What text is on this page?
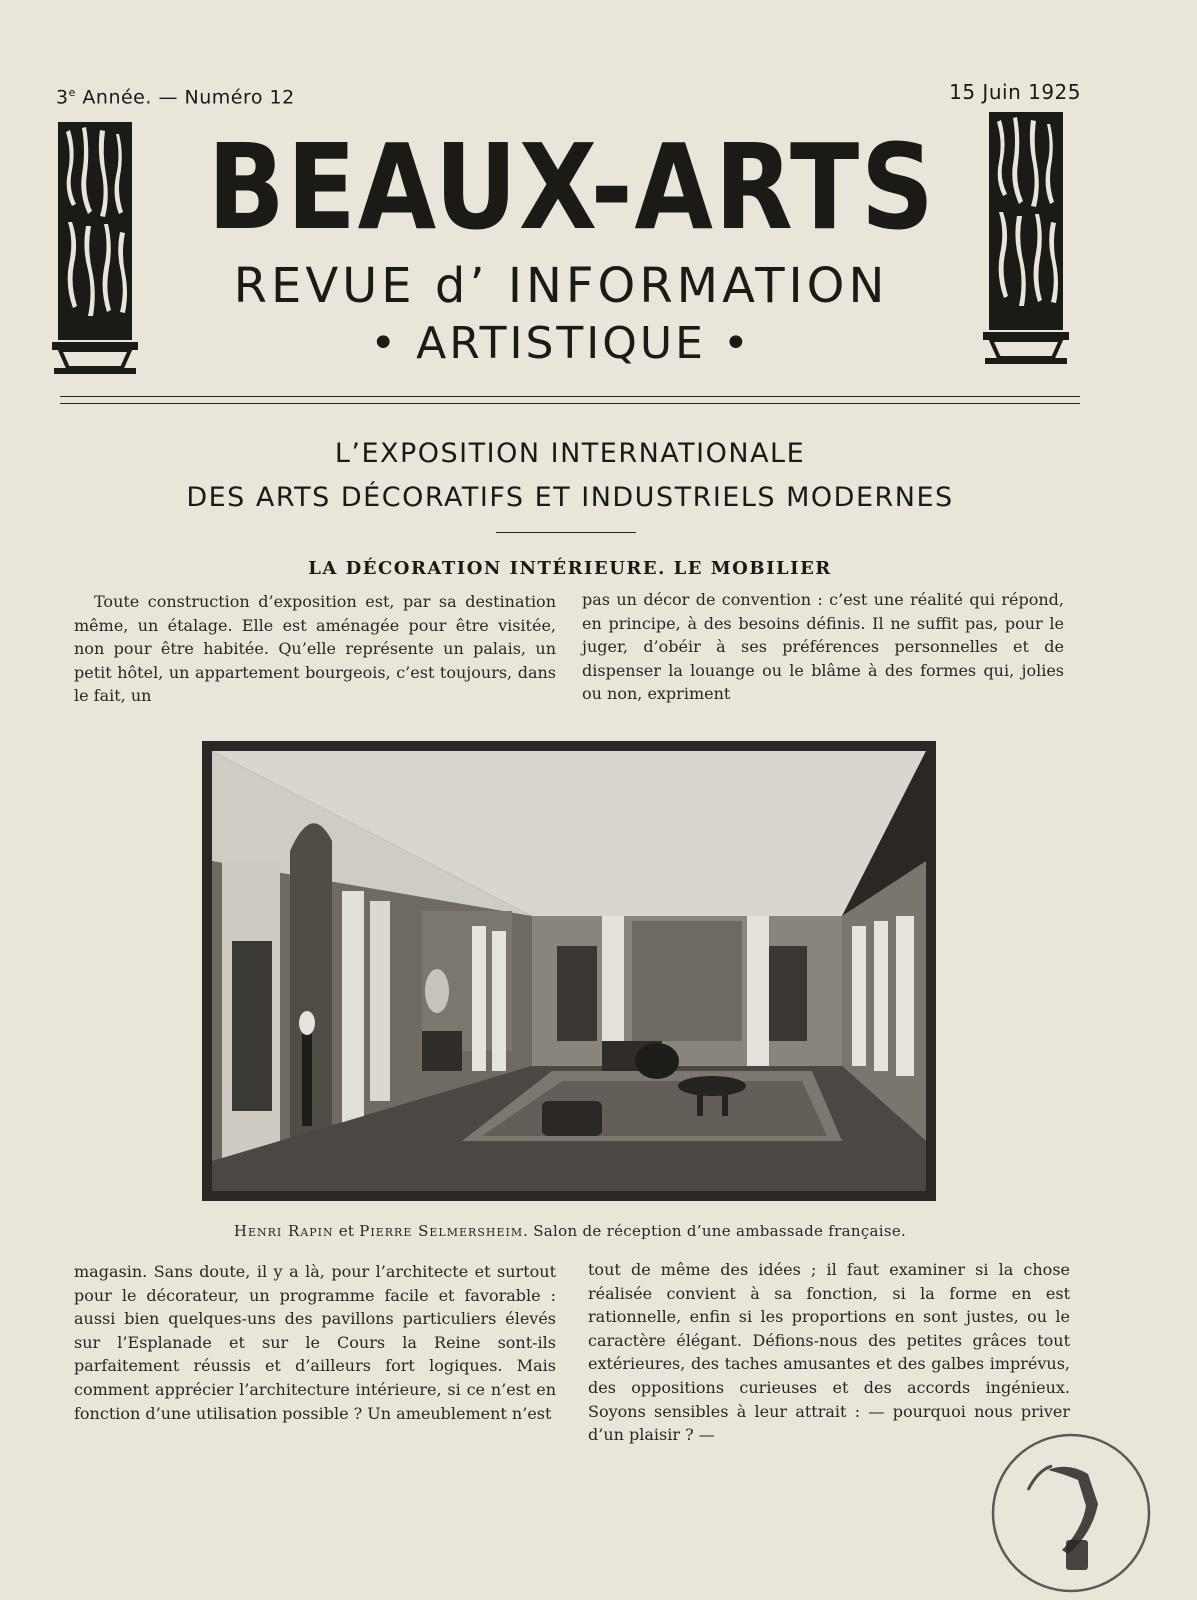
3e Année. — Numéro 12	15 Juin 1925
BEAUX-ARTS
REVUE d’ INFORMATION
• ARTISTIQUE •
L’EXPOSITION INTERNATIONALE
DES ARTS DÉCORATIFS ET INDUSTRIELS MODERNES
LA DÉCORATION INTÉRIEURE. LE MOBILIER

Toute construction d’exposition est, par sa destination même, un étalage. Elle est aménagée pour être visitée, non pour être habitée. Qu’elle représente un palais, un petit hôtel, un appartement bourgeois, c’est toujours, dans le fait, un

pas un décor de convention : c’est une réalité qui répond, en principe, à des besoins définis. Il ne suffit pas, pour le juger, d’obéir à ses préférences personnelles et de dispenser la louange ou le blâme à des formes qui, jolies ou non, expriment

Henri Rapin et Pierre Selmersheim. Salon de réception d’une ambassade française.

magasin. Sans doute, il y a là, pour l’architecte et surtout pour le décorateur, un programme facile et favorable : aussi bien quelques-uns des pavillons particuliers élevés sur l’Esplanade et sur le Cours la Reine sont-ils parfaitement réussis et d’ailleurs fort logiques. Mais comment apprécier l’architecture intérieure, si ce n’est en fonction d’une utilisation possible ? Un ameublement n’est

tout de même des idées ; il faut examiner si la chose réalisée convient à sa fonction, si la forme en est rationnelle, enfin si les proportions en sont justes, ou le caractère élégant. Défions-nous des petites grâces tout extérieures, des taches amusantes et des galbes imprévus, des oppositions curieuses et des accords ingénieux. Soyons sensibles à leur attrait : — pourquoi nous priver d’un plaisir ? —
